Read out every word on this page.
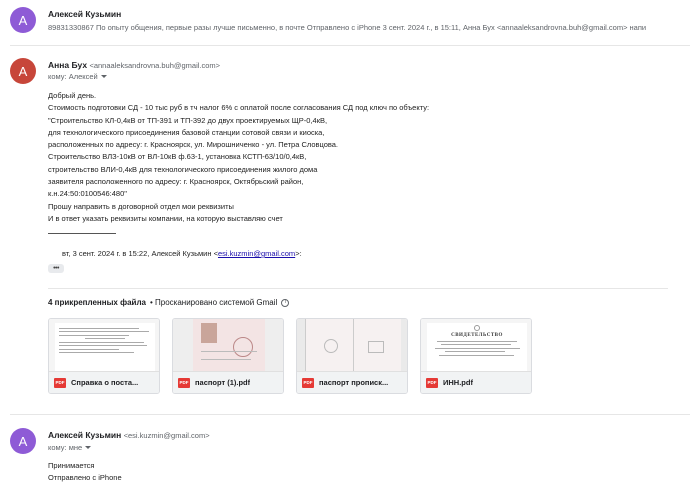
А	Алексей Кузьмин
89831330867 По опыту общения, первые разы лучше письменно, в почте Отправлено с iPhone 3 сент. 2024 г., в 15:11, Анна Бух <annaaleksandrovna.buh@gmail.com> напи
А	Анна Бух <annaaleksandrovna.buh@gmail.com>
кому: Алексей
Добрый день.
Стоимость подготовки СД - 10 тыс руб в тч налог 6% с оплатой после согласования СД под ключ по объекту:
"Строительство КЛ-0,4кВ от ТП-391 и ТП-392 до двух проектируемых ЩР-0,4кВ,
для технологического присоединения базовой станции сотовой связи и киоска,
расположенных по адресу: г. Красноярск, ул. Мирошниченко - ул. Петра Словцова.
Строительство ВЛЗ-10кВ от ВЛ-10кВ ф.63-1, установка КСТП-63/10/0,4кВ,
строительство ВЛИ-0,4кВ для технологического присоединения жилого дома
заявителя расположенного по адресу: г. Красноярск, Октябрьский район,
к.н.24:50:0100546:480"
Прошу направить в договорной отдел мои реквизиты
И в ответ указать реквизиты компании, на которую выставляю счет
вт, 3 сент. 2024 г. в 15:22, Алексей Кузьмин <esi.kuzmin@gmail.com>:
•••
4 прикрепленных файла • Просканировано системой Gmail	i
PDF Справка о поста...	PDF паспорт (1).pdf	PDF паспорт прописк...
СВИДЕТЕЛЬСТВО
PDF ИНН.pdf
А	Алексей Кузьмин <esi.kuzmin@gmail.com>
кому: мне
Принимается
Отправлено с iPhone
